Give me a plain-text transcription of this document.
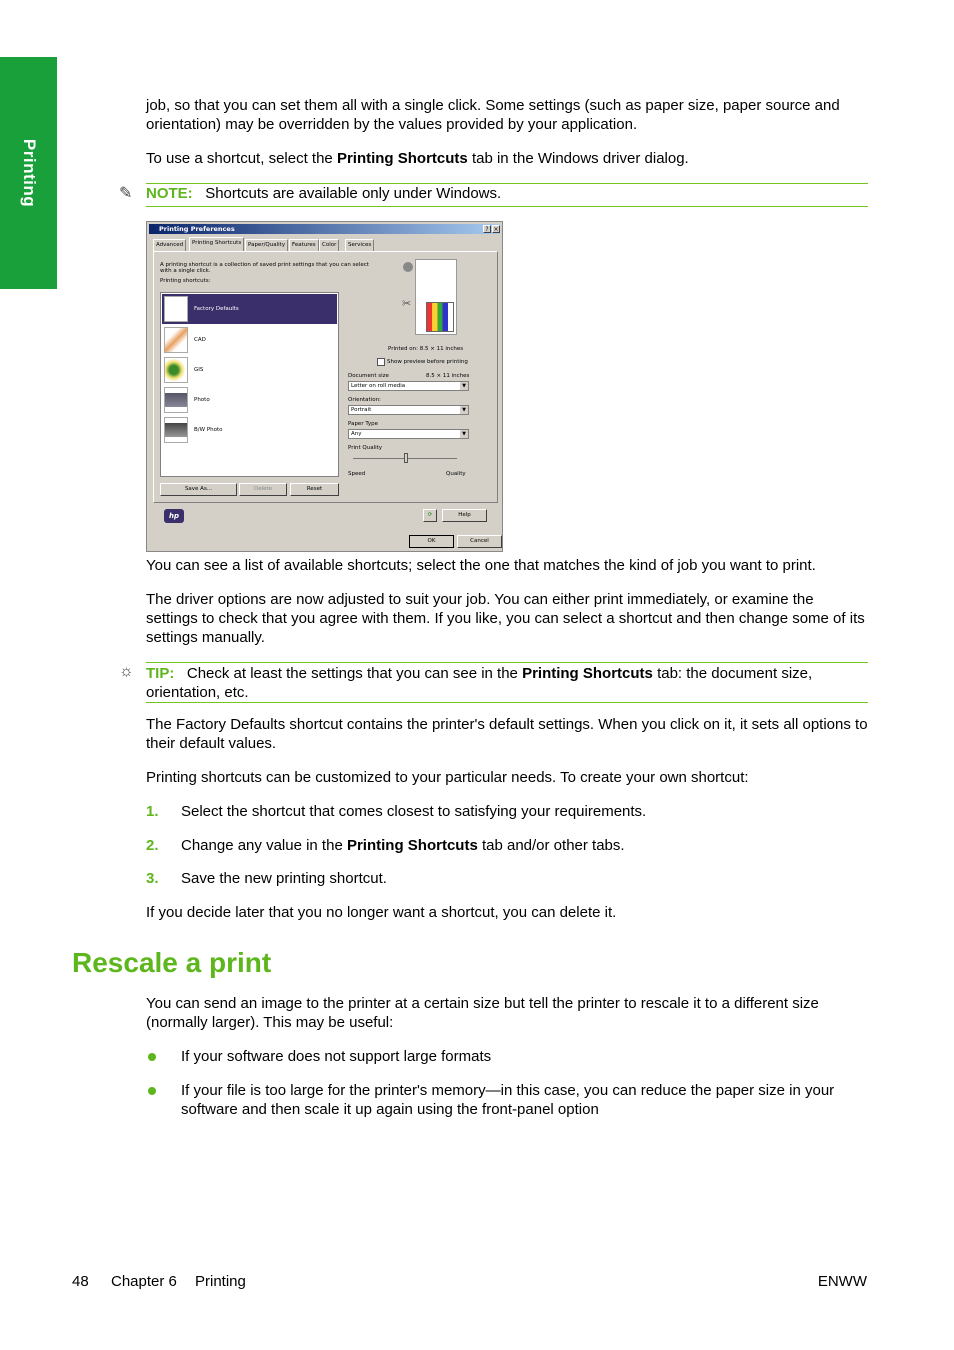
Printing

job, so that you can set them all with a single click. Some settings (such as paper size, paper source and orientation) may be overridden by the values provided by your application.

To use a shortcut, select the Printing Shortcuts tab in the Windows driver dialog.

✎ NOTE: Shortcuts are available only under Windows.
Printing Preferences	? ×
Advanced	Printing Shortcuts	Paper/Quality	Features	Color	Services
A printing shortcut is a collection of saved print settings that you can select
with a single click.
Printing shortcuts:
Factory Defaults
CAD
GIS
Photo
B/W Photo
Save As...	Delete	Reset
✂
Printed on: 8.5 × 11 inches
Show preview before printing
Document size	8.5 × 11 inches
Letter on roll media	▼
Orientation:
Portrait	▼
Paper Type
Any	▼
Print Quality
Speed	Quality
hp	⟳	Help
OK	Cancel

You can see a list of available shortcuts; select the one that matches the kind of job you want to print.

The driver options are now adjusted to suit your job. You can either print immediately, or examine the settings to check that you agree with them. If you like, you can select a shortcut and then change some of its settings manually.

☼ TIP: Check at least the settings that you can see in the Printing Shortcuts tab: the document size, orientation, etc.

The Factory Defaults shortcut contains the printer's default settings. When you click on it, it sets all options to their default values.

Printing shortcuts can be customized to your particular needs. To create your own shortcut:

1. Select the shortcut that comes closest to satisfying your requirements.
2. Change any value in the Printing Shortcuts tab and/or other tabs.
3. Save the new printing shortcut.

If you decide later that you no longer want a shortcut, you can delete it.

Rescale a print

You can send an image to the printer at a certain size but tell the printer to rescale it to a different size (normally larger). This may be useful:

If your software does not support large formats
If your file is too large for the printer's memory—in this case, you can reduce the paper size in your software and then scale it up again using the front-panel option
48 Chapter 6 Printing	ENWW
